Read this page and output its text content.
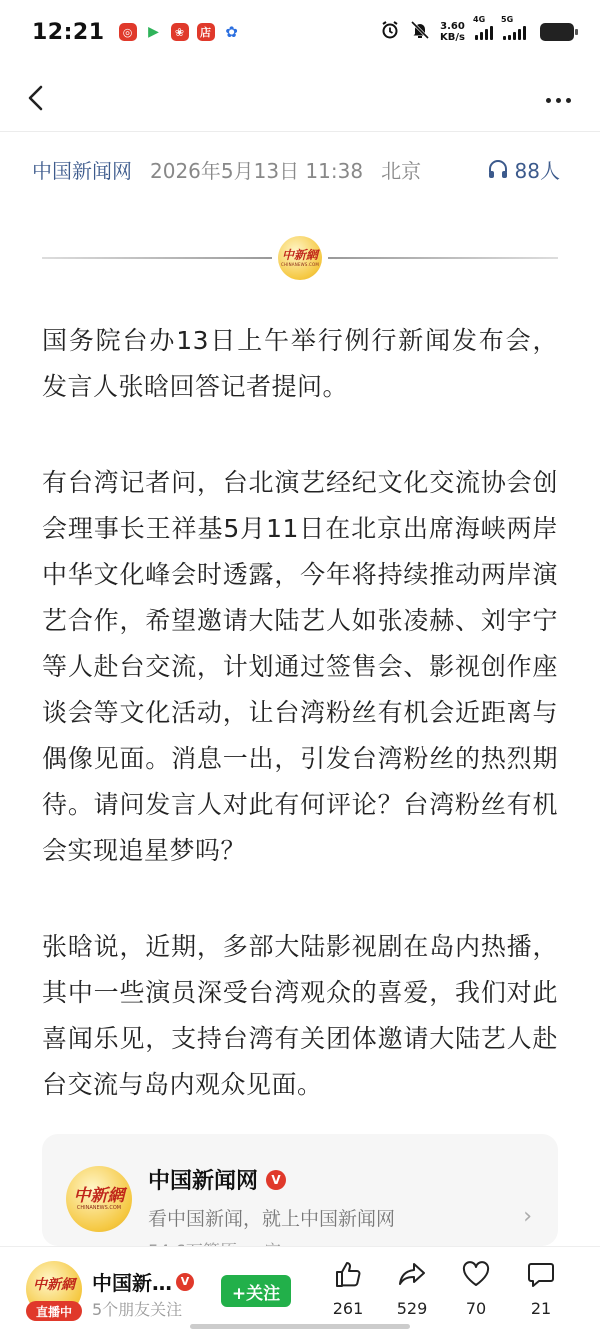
12:21	◎	▶	❀	店 ✿	3.60
KB/s
4G 5G
中国新闻网 2026年5月13日 11:38 北京	88人
中新網
CHINANEWS.COM

国务院台办13日上午举行例行新闻发布会，发言人张晗回答记者提问。

有台湾记者问，台北演艺经纪文化交流协会创会理事长王祥基5月11日在北京出席海峡两岸中华文化峰会时透露，今年将持续推动两岸演艺合作，希望邀请大陆艺人如张凌赫、刘宇宁等人赴台交流，计划通过签售会、影视创作座谈会等文化活动，让台湾粉丝有机会近距离与偶像见面。消息一出，引发台湾粉丝的热烈期待。请问发言人对此有何评论？台湾粉丝有机会实现追星梦吗？

张晗说，近期，多部大陆影视剧在岛内热播，其中一些演员深受台湾观众的喜爱，我们对此喜闻乐见，支持台湾有关团体邀请大陆艺人赴台交流与岛内观众见面。

中新網
CHINANEWS.COM
中国新闻网	V
看中国新闻，就上中国新闻网	›
中新網
直播中
中国新… V
5个朋友关注
+关注
261 529 70	21
